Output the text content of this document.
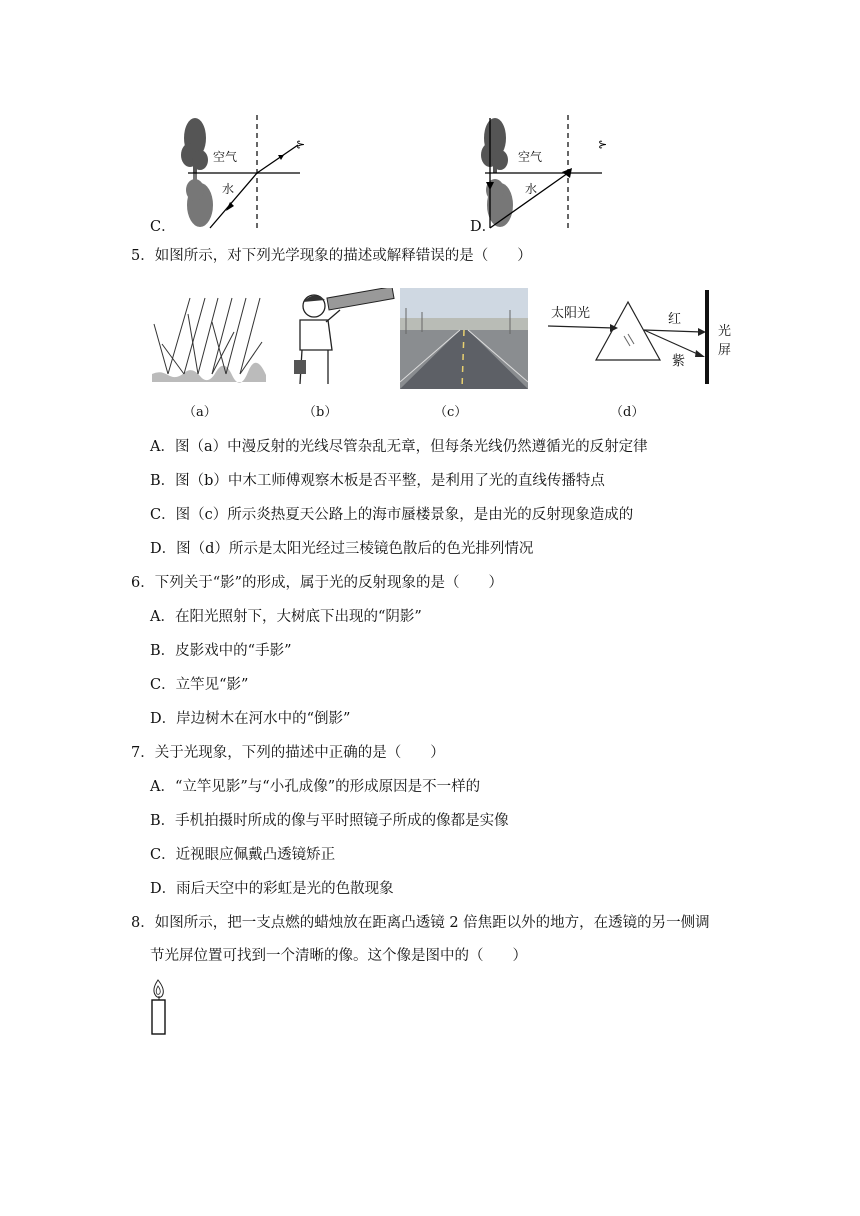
⊱
空气
水
C．
⊱
空气
水
D．
5．如图所示，对下列光学现象的描述或解释错误的是（　　）
太阳光	红
紫
光
屏
（a）	（b）	（c）	（d）
A．图（a）中漫反射的光线尽管杂乱无章，但每条光线仍然遵循光的反射定律
B．图（b）中木工师傅观察木板是否平整，是利用了光的直线传播特点
C．图（c）所示炎热夏天公路上的海市蜃楼景象，是由光的反射现象造成的
D．图（d）所示是太阳光经过三棱镜色散后的色光排列情况
6．下列关于“影”的形成，属于光的反射现象的是（　　）
A．在阳光照射下，大树底下出现的“阴影”
B．皮影戏中的“手影”
C．立竿见“影”
D．岸边树木在河水中的“倒影”
7．关于光现象，下列的描述中正确的是（　　）
A．“立竿见影”与“小孔成像”的形成原因是不一样的
B．手机拍摄时所成的像与平时照镜子所成的像都是实像
C．近视眼应佩戴凸透镜矫正
D．雨后天空中的彩虹是光的色散现象
8．如图所示，把一支点燃的蜡烛放在距离凸透镜 2 倍焦距以外的地方，在透镜的另一侧调
节光屏位置可找到一个清晰的像。这个像是图中的（　　）
